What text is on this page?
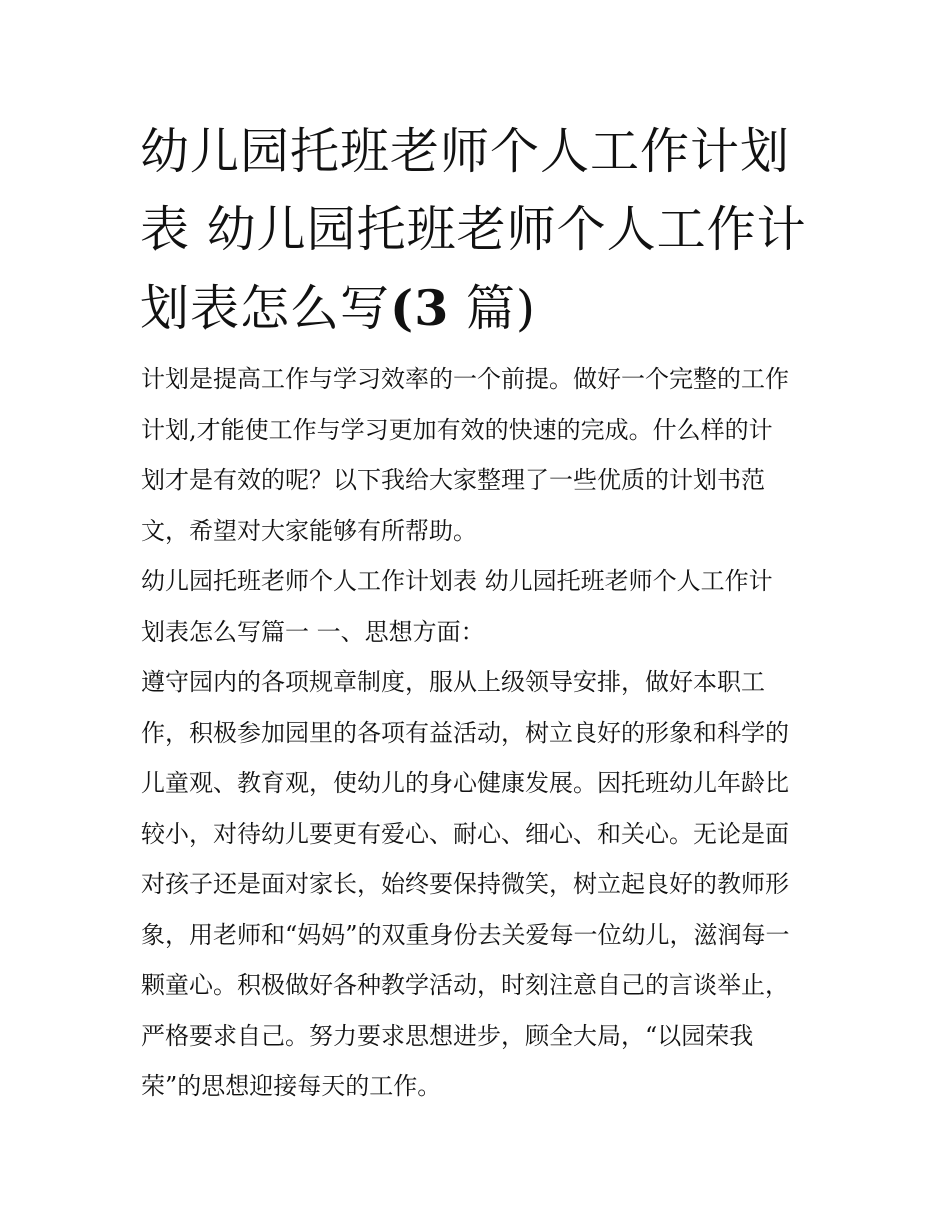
幼儿园托班老师个人工作计划
表 幼儿园托班老师个人工作计
划表怎么写(3 篇)

计划是提高工作与学习效率的一个前提。做好一个完整的工作
计划,才能使工作与学习更加有效的快速的完成。什么样的计
划才是有效的呢？以下我给大家整理了一些优质的计划书范
文，希望对大家能够有所帮助。

幼儿园托班老师个人工作计划表 幼儿园托班老师个人工作计
划表怎么写篇一 一、思想方面：

遵守园内的各项规章制度，服从上级领导安排，做好本职工
作，积极参加园里的各项有益活动，树立良好的形象和科学的
儿童观、教育观，使幼儿的身心健康发展。因托班幼儿年龄比
较小，对待幼儿要更有爱心、耐心、细心、和关心。无论是面
对孩子还是面对家长，始终要保持微笑，树立起良好的教师形
象，用老师和“妈妈”的双重身份去关爱每一位幼儿，滋润每一
颗童心。积极做好各种教学活动，时刻注意自己的言谈举止，
严格要求自己。努力要求思想进步，顾全大局，“以园荣我
荣”的思想迎接每天的工作。
